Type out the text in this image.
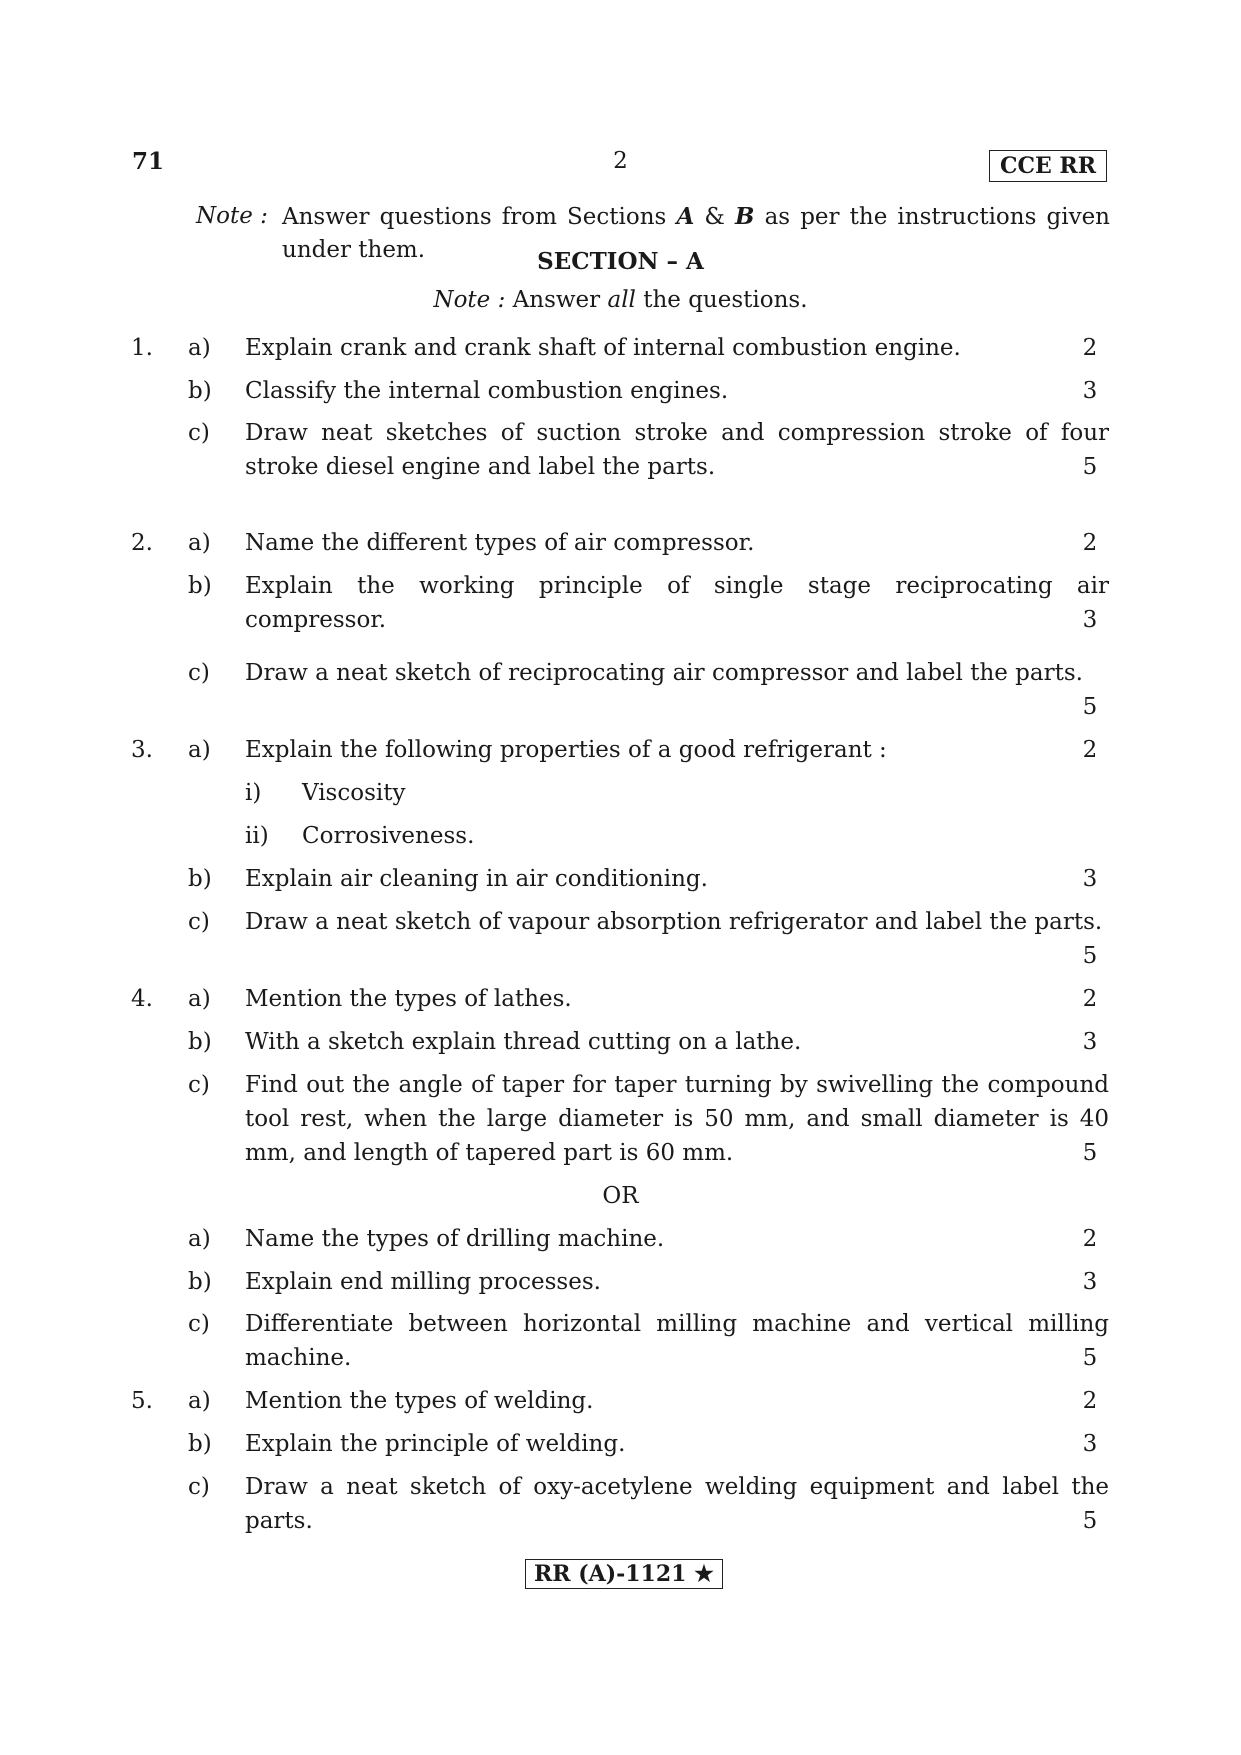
71	2	CCE RR
Note : Answer questions from Sections A & B as per the instructions given under them.	SECTION – A
Note : Answer all the questions.
1. a) Explain crank and crank shaft of internal combustion engine.	2
b) Classify the internal combustion engines.	3
c) Draw neat sketches of suction stroke and compression stroke of four stroke diesel engine and label the parts.	5
2. a) Name the different types of air compressor.	2
b) Explain the working principle of single stage reciprocating air compressor.	3
c) Draw a neat sketch of reciprocating air compressor and label the parts.
5
3. a) Explain the following properties of a good refrigerant :	2
i) Viscosity
ii) Corrosiveness.
b) Explain air cleaning in air conditioning.	3
c) Draw a neat sketch of vapour absorption refrigerator and label the parts.
5
4. a) Mention the types of lathes.	2
b) With a sketch explain thread cutting on a lathe.	3
c) Find out the angle of taper for taper turning by swivelling the compound tool rest, when the large diameter is 50 mm, and small diameter is 40 mm, and length of tapered part is 60 mm.	5
OR
a) Name the types of drilling machine.	2
b) Explain end milling processes.	3
c) Differentiate between horizontal milling machine and vertical milling machine.	5
5. a) Mention the types of welding.	2
b) Explain the principle of welding.	3
c) Draw a neat sketch of oxy-acetylene welding equipment and label the parts.	5
RR (A)-1121 ★
